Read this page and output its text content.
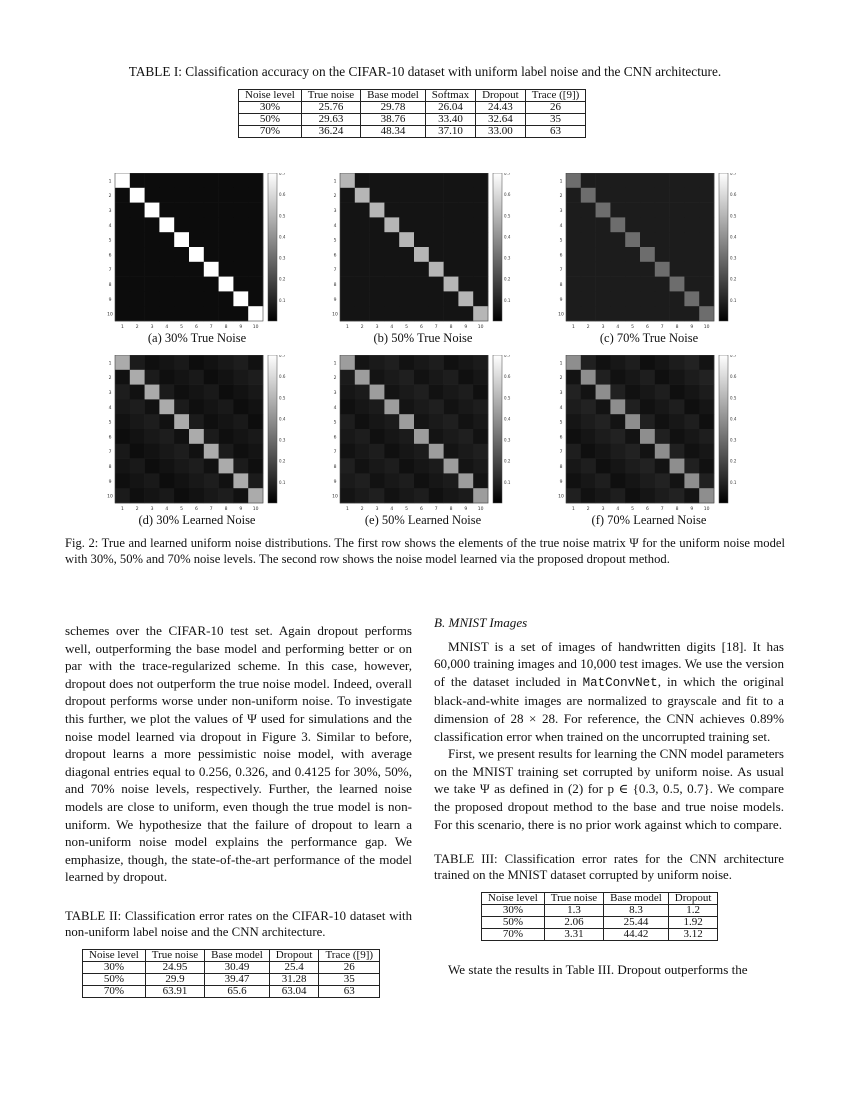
TABLE I: Classification accuracy on the CIFAR-10 dataset with uniform label noise and the CNN architecture.
Noise level	True noise	Base model	Softmax	Dropout	Trace ([9])
30%	25.76	29.78	26.04	24.43	26
50%	29.63	38.76	33.40	32.64	35
70%	36.24	48.34	37.10	33.00	63
1
1
2
2
3
3
4
4
5
5
6
6
7
7
8
8
9
9
10
10
0.7
0.6
0.5
0.4
0.3
0.2
0.1
(a) 30% True Noise
1
1
2
2
3
3
4
4
5
5
6
6
7
7
8
8
9
9
10
10
0.7
0.6
0.5
0.4
0.3
0.2
0.1
(b) 50% True Noise
1
1
2
2
3
3
4
4
5
5
6
6
7
7
8
8
9
9
10
10
0.7
0.6
0.5
0.4
0.3
0.2
0.1
(c) 70% True Noise
1
1
2
2
3
3
4
4
5
5
6
6
7
7
8
8
9
9
10
10
0.7
0.6
0.5
0.4
0.3
0.2
0.1
(d) 30% Learned Noise
1
1
2
2
3
3
4
4
5
5
6
6
7
7
8
8
9
9
10
10
0.7
0.6
0.5
0.4
0.3
0.2
0.1
(e) 50% Learned Noise
1
1
2
2
3
3
4
4
5
5
6
6
7
7
8
8
9
9
10
10
0.7
0.6
0.5
0.4
0.3
0.2
0.1
(f) 70% Learned Noise
Fig. 2: True and learned uniform noise distributions. The first row shows the elements of the true noise matrix Ψ for the uniform noise model with 30%, 50% and 70% noise levels. The second row shows the noise model learned via the proposed dropout method.
schemes over the CIFAR-10 test set. Again dropout performs well, outperforming the base model and performing better or on par with the trace-regularized scheme. In this case, however, dropout does not outperform the true noise model. Indeed, overall dropout performs worse under non-uniform noise. To investigate this further, we plot the values of Ψ used for simulations and the noise model learned via dropout in Figure 3. Similar to before, dropout learns a more pessimistic noise model, with average diagonal entries equal to 0.256, 0.326, and 0.4125 for 30%, 50%, and 70% noise levels, respectively. Further, the learned noise models are close to uniform, even though the true model is non-uniform. We hypothesize that the failure of dropout to learn a non-uniform noise model explains the performance gap. We emphasize, though, the state-of-the-art performance of the model learned by dropout.
TABLE II: Classification error rates on the CIFAR-10 dataset with non-uniform label noise and the CNN architecture.
Noise level	True noise	Base model	Dropout	Trace ([9])
30%	24.95	30.49	25.4	26
50%	29.9	39.47	31.28	35
70%	63.91	65.6	63.04	63
B. MNIST Images
MNIST is a set of images of handwritten digits [18]. It has 60,000 training images and 10,000 test images. We use the version of the dataset included in MatConvNet, in which the original black-and-white images are normalized to grayscale and fit to a dimension of 28 × 28. For reference, the CNN achieves 0.89% classification error when trained on the uncorrupted training set.
First, we present results for learning the CNN model parameters on the MNIST training set corrupted by uniform noise. As usual we take Ψ as defined in (2) for p ∈ {0.3, 0.5, 0.7}. We compare the proposed dropout method to the base and true noise models. For this scenario, there is no prior work against which to compare.
TABLE III: Classification error rates for the CNN architecture trained on the MNIST dataset corrupted by uniform noise.
Noise level	True noise	Base model	Dropout
30%	1.3	8.3	1.2
50%	2.06	25.44	1.92
70%	3.31	44.42	3.12
We state the results in Table III. Dropout outperforms the
